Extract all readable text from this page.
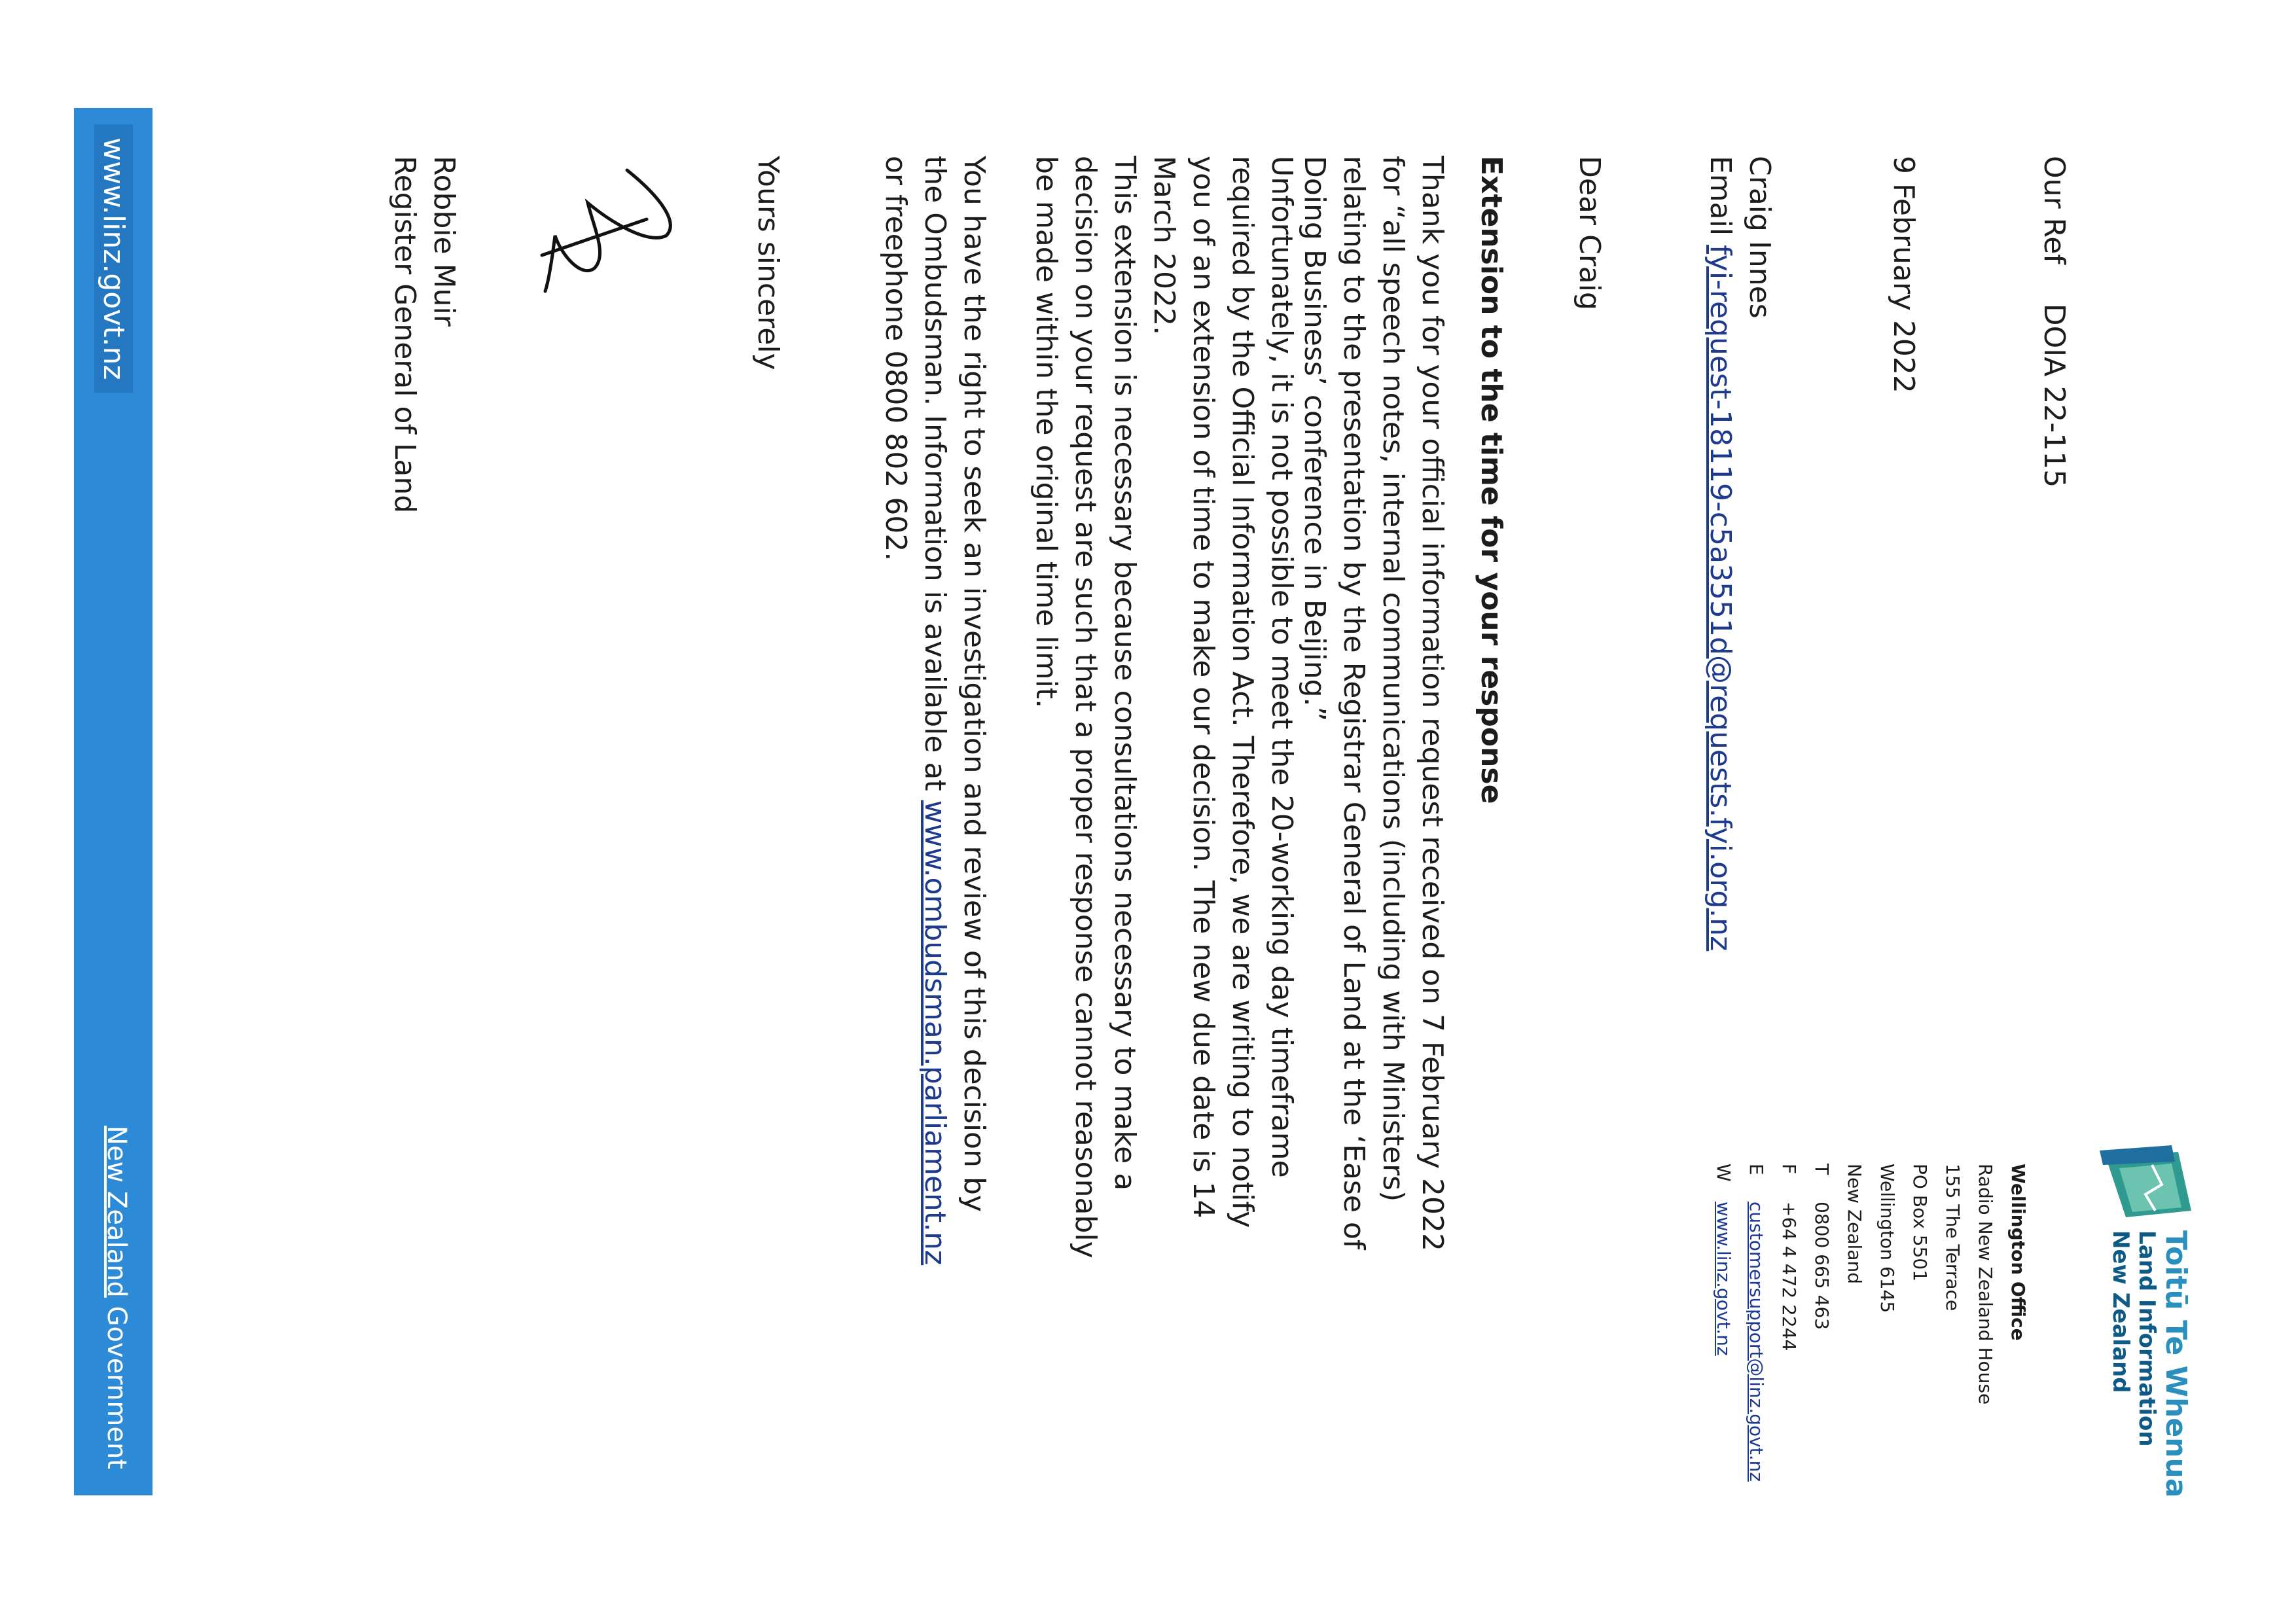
Toitū Te Whenua
Land Information
New Zealand
Wellington Office
Radio New Zealand House
155 The Terrace
PO Box 5501
Wellington 6145
New Zealand
T0800 665 463
F+64 4 472 2244
Ecustomersupport@linz.govt.nz
Wwww.linz.govt.nz
Our RefDOIA 22-115
9 February 2022
Craig Innes
Email fyi-request-18119-c5a3551d@requests.fyi.org.nz
Dear Craig
Extension to the time for your response

Thank you for your official information request received on 7 February 2022 for “all speech notes, internal communications (including with Ministers) relating to the presentation by the Registrar General of Land at the ‘Ease of Doing Business’ conference in Beijing.”

Unfortunately, it is not possible to meet the 20-working day timeframe required by the Official Information Act. Therefore, we are writing to notify you of an extension of time to make our decision. The new due date is 14 March 2022.

This extension is necessary because consultations necessary to make a decision on your request are such that a proper response cannot reasonably be made within the original time limit.

You have the right to seek an investigation and review of this decision by the Ombudsman. Information is available at www.ombudsman.parliament.nz or freephone 0800 802 602.

Yours sincerely
Robbie Muir
Register General of Land
www.linz.govt.nz
New Zealand Government
